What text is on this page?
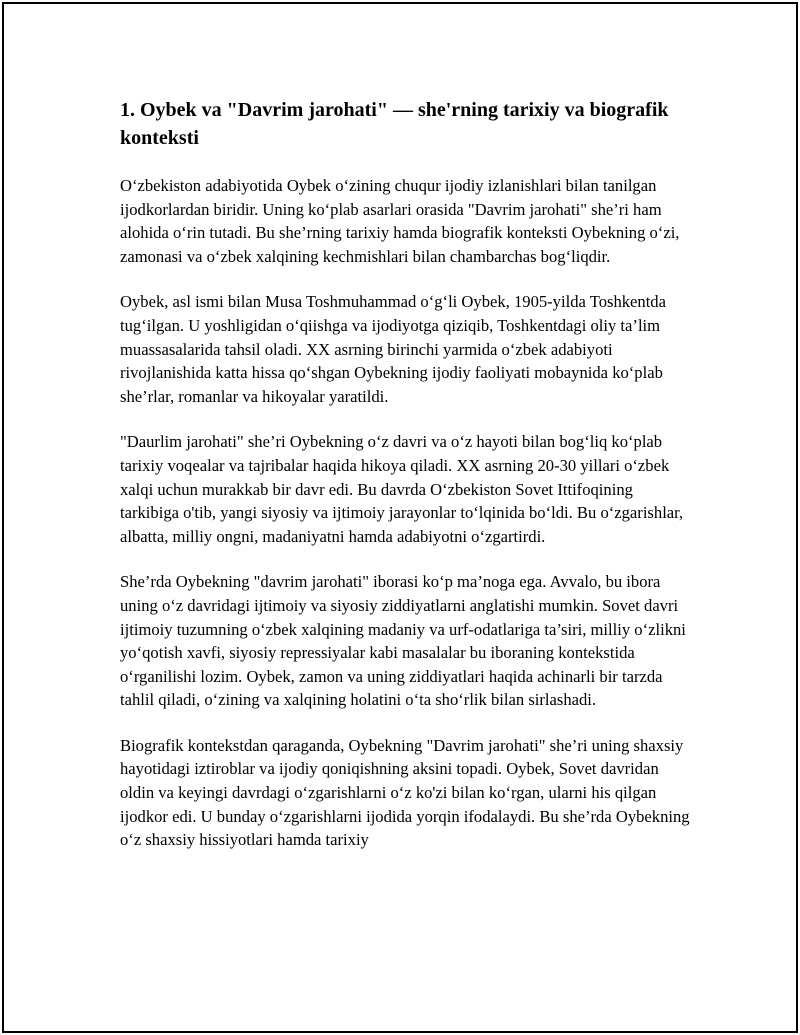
1. Oybek va "Davrim jarohati" — she'rning tarixiy va biografik konteksti

O‘zbekiston adabiyotida Oybek o‘zining chuqur ijodiy izlanishlari bilan tanilgan ijodkorlardan biridir. Uning ko‘plab asarlari orasida "Davrim jarohati" she’ri ham alohida o‘rin tutadi. Bu she’rning tarixiy hamda biografik konteksti Oybekning o‘zi, zamonasi va o‘zbek xalqining kechmishlari bilan chambarchas bog‘liqdir.

Oybek, asl ismi bilan Musa Toshmuhammad o‘g‘li Oybek, 1905-yilda Toshkentda tug‘ilgan. U yoshligidan o‘qiishga va ijodiyotga qiziqib, Toshkentdagi oliy ta’lim muassasalarida tahsil oladi. XX asrning birinchi yarmida o‘zbek adabiyoti rivojlanishida katta hissa qo‘shgan Oybekning ijodiy faoliyati mobaynida ko‘plab she’rlar, romanlar va hikoyalar yaratildi.

"Daurlim jarohati" she’ri Oybekning o‘z davri va o‘z hayoti bilan bog‘liq ko‘plab tarixiy voqealar va tajribalar haqida hikoya qiladi. XX asrning 20-30 yillari o‘zbek xalqi uchun murakkab bir davr edi. Bu davrda O‘zbekiston Sovet Ittifoqining tarkibiga o'tib, yangi siyosiy va ijtimoiy jarayonlar to‘lqinida bo‘ldi. Bu o‘zgarishlar, albatta, milliy ongni, madaniyatni hamda adabiyotni o‘zgartirdi.

She’rda Oybekning "davrim jarohati" iborasi ko‘p ma’noga ega. Avvalo, bu ibora uning o‘z davridagi ijtimoiy va siyosiy ziddiyatlarni anglatishi mumkin. Sovet davri ijtimoiy tuzumning o‘zbek xalqining madaniy va urf-odatlariga ta’siri, milliy o‘zlikni yo‘qotish xavfi, siyosiy repressiyalar kabi masalalar bu iboraning kontekstida o‘rganilishi lozim. Oybek, zamon va uning ziddiyatlari haqida achinarli bir tarzda tahlil qiladi, o‘zining va xalqining holatini o‘ta sho‘rlik bilan sirlashadi.

Biografik kontekstdan qaraganda, Oybekning "Davrim jarohati" she’ri uning shaxsiy hayotidagi iztiroblar va ijodiy qoniqishning aksini topadi. Oybek, Sovet davridan oldin va keyingi davrdagi o‘zgarishlarni o‘z ko'zi bilan ko‘rgan, ularni his qilgan ijodkor edi. U bunday o‘zgarishlarni ijodida yorqin ifodalaydi. Bu she’rda Oybekning o‘z shaxsiy hissiyotlari hamda tarixiy
